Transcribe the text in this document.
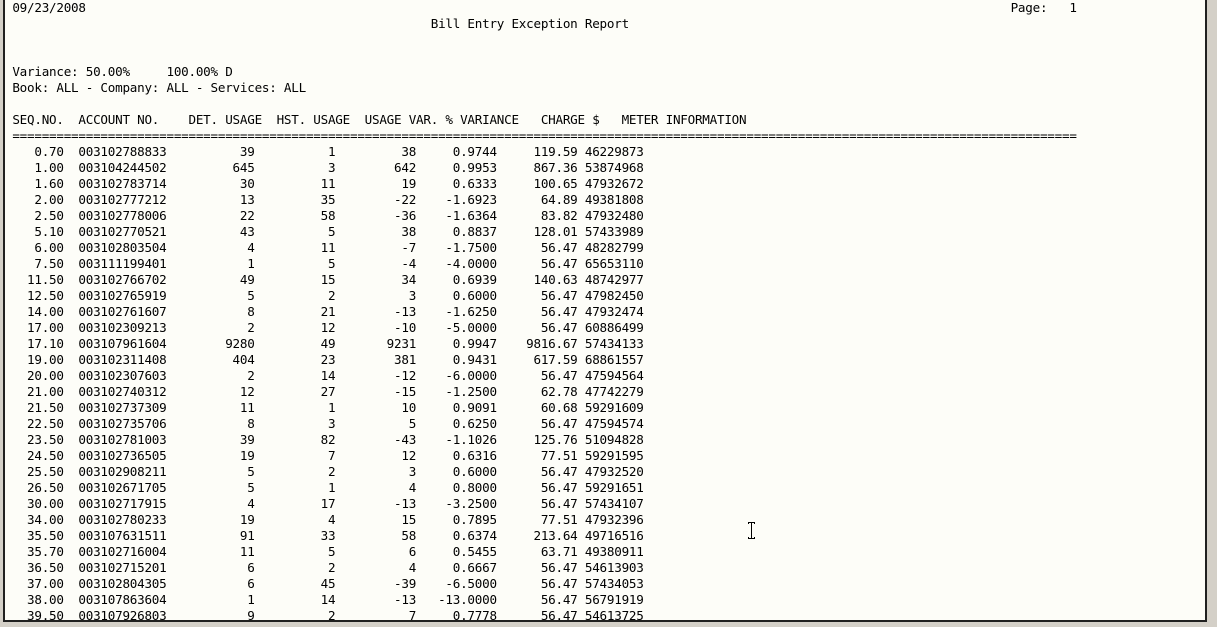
09/23/2008                                                                                                                              Page:   1
Bill Entry Exception Report

Variance: 50.00%     100.00% D
Book: ALL - Company: ALL - Services: ALL

SEQ.NO.  ACCOUNT NO.    DET. USAGE  HST. USAGE  USAGE VAR. % VARIANCE   CHARGE $   METER INFORMATION
=================================================================================================================================================
0.70  003102788833          39          1         38     0.9744     119.59 46229873
1.00  003104244502         645          3        642     0.9953     867.36 53874968
1.60  003102783714          30         11         19     0.6333     100.65 47932672
2.00  003102777212          13         35        -22    -1.6923      64.89 49381808
2.50  003102778006          22         58        -36    -1.6364      83.82 47932480
5.10  003102770521          43          5         38     0.8837     128.01 57433989
6.00  003102803504           4         11         -7    -1.7500      56.47 48282799
7.50  003111199401           1          5         -4    -4.0000      56.47 65653110
11.50  003102766702          49         15         34     0.6939     140.63 48742977
12.50  003102765919           5          2          3     0.6000      56.47 47982450
14.00  003102761607           8         21        -13    -1.6250      56.47 47932474
17.00  003102309213           2         12        -10    -5.0000      56.47 60886499
17.10  003107961604        9280         49       9231     0.9947    9816.67 57434133
19.00  003102311408         404         23        381     0.9431     617.59 68861557
20.00  003102307603           2         14        -12    -6.0000      56.47 47594564
21.00  003102740312          12         27        -15    -1.2500      62.78 47742279
21.50  003102737309          11          1         10     0.9091      60.68 59291609
22.50  003102735706           8          3          5     0.6250      56.47 47594574
23.50  003102781003          39         82        -43    -1.1026     125.76 51094828
24.50  003102736505          19          7         12     0.6316      77.51 59291595
25.50  003102908211           5          2          3     0.6000      56.47 47932520
26.50  003102671705           5          1          4     0.8000      56.47 59291651
30.00  003102717915           4         17        -13    -3.2500      56.47 57434107
34.00  003102780233          19          4         15     0.7895      77.51 47932396
35.50  003107631511          91         33         58     0.6374     213.64 49716516
35.70  003102716004          11          5          6     0.5455      63.71 49380911
36.50  003102715201           6          2          4     0.6667      56.47 54613903
37.00  003102804305           6         45        -39    -6.5000      56.47 57434053
38.00  003107863604           1         14        -13   -13.0000      56.47 56791919
39.50  003107926803           9          2          7     0.7778      56.47 54613725
